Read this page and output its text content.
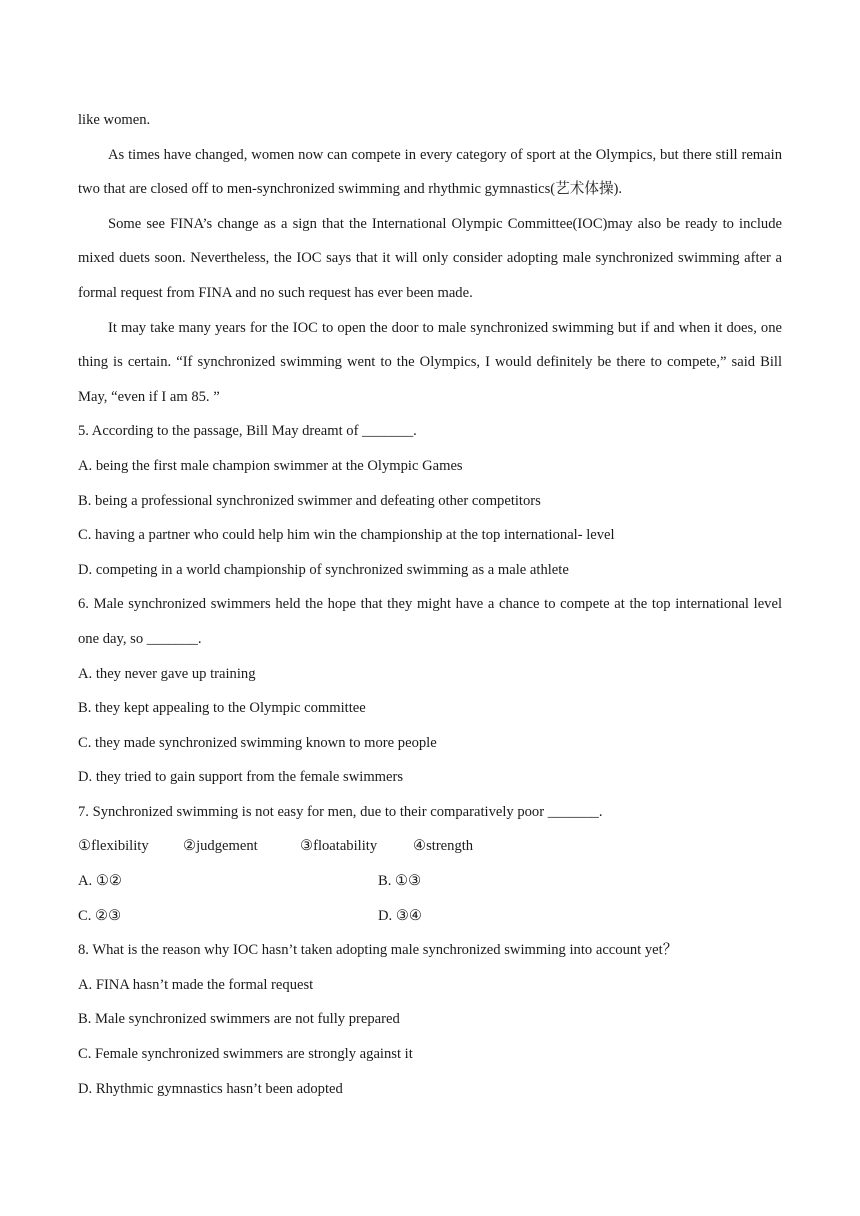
like women.

As times have changed, women now can compete in every category of sport at the Olympics, but there still remain two that are closed off to men-synchronized swimming and rhythmic gymnastics(艺术体操).

Some see FINA’s change as a sign that the International Olympic Committee(IOC)may also be ready to include mixed duets soon. Nevertheless, the IOC says that it will only consider adopting male synchronized swimming after a formal request from FINA and no such request has ever been made.

It may take many years for the IOC to open the door to male synchronized swimming but if and when it does, one thing is certain. “If synchronized swimming went to the Olympics, I would definitely be there to compete,” said Bill May, “even if I am 85. ”

5. According to the passage, Bill May dreamt of _______.

A. being the first male champion swimmer at the Olympic Games

B. being a professional synchronized swimmer and defeating other competitors

C. having a partner who could help him win the championship at the top international- level

D. competing in a world championship of synchronized swimming as a male athlete

6. Male synchronized swimmers held the hope that they might have a chance to compete at the top international level one day, so _______.

A. they never gave up training

B. they kept appealing to the Olympic committee

C. they made synchronized swimming known to more people

D. they tried to gain support from the female swimmers

7. Synchronized swimming is not easy for men, due to their comparatively poor _______.

①flexibility	②judgement	③floatability	④strength
A. ①②	B. ①③
C. ②③	D. ③④

8. What is the reason why IOC hasn’t taken adopting male synchronized swimming into account yet？

A. FINA hasn’t made the formal request

B. Male synchronized swimmers are not fully prepared

C. Female synchronized swimmers are strongly against it

D. Rhythmic gymnastics hasn’t been adopted
